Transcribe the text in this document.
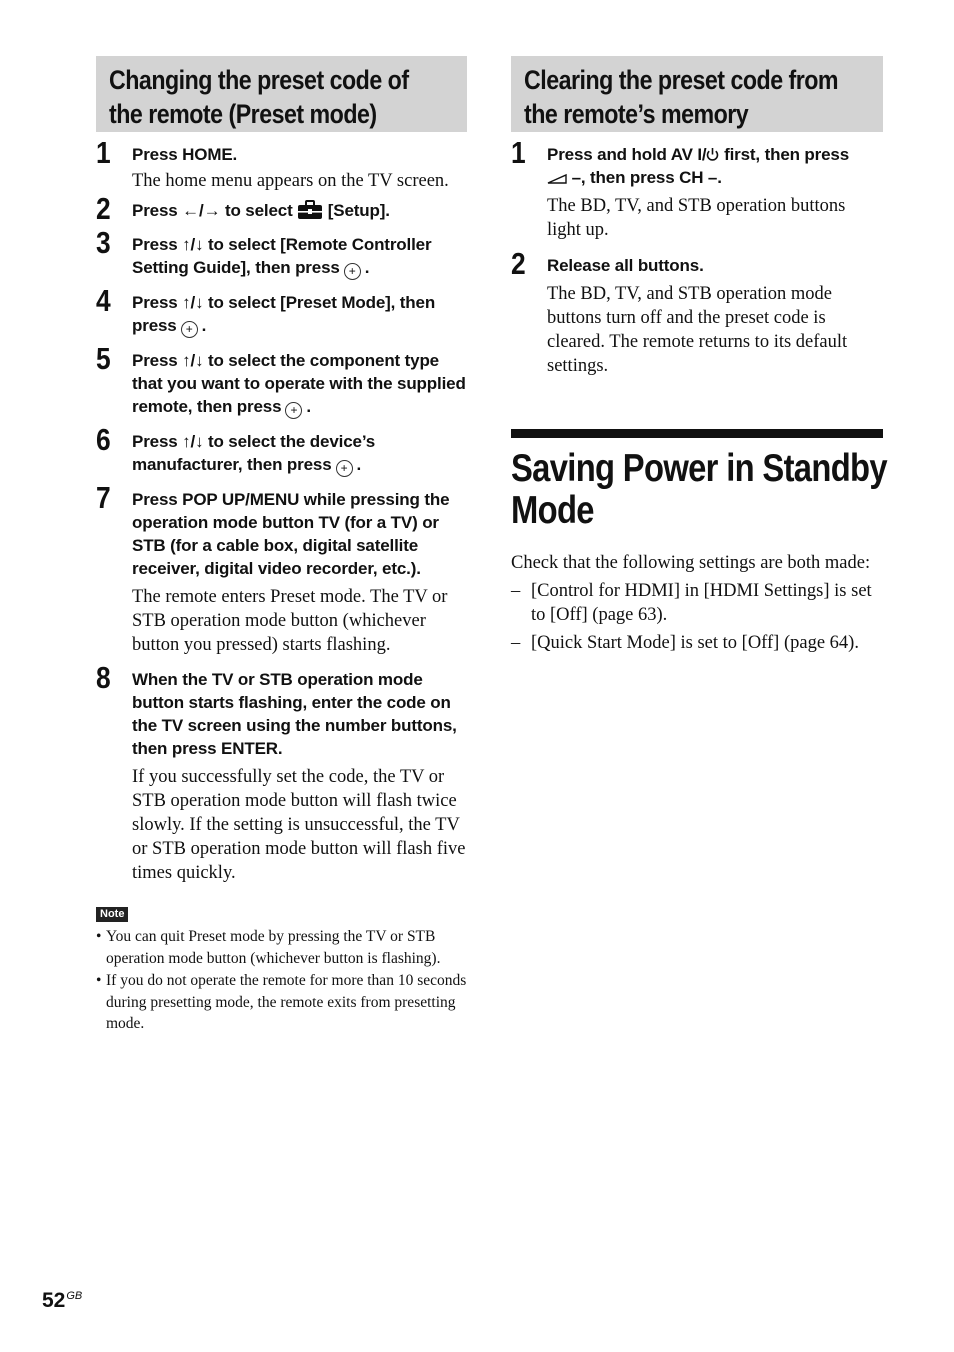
Changing the preset code of
the remote (Preset mode)
1 Press HOME.
The home menu appears on the TV screen.
2 Press ←/→ to select [Setup].
3 Press ↑/↓ to select [Remote Controller Setting Guide], then press + .
4 Press ↑/↓ to select [Preset Mode], then press + .
5 Press ↑/↓ to select the component type that you want to operate with the supplied remote, then press + .
6 Press ↑/↓ to select the device’s manufacturer, then press + .
7 Press POP UP/MENU while pressing the operation mode button TV (for a TV) or STB (for a cable box, digital satellite receiver, digital video recorder, etc.).
The remote enters Preset mode. The TV or STB operation mode button (whichever button you pressed) starts flashing.
8 When the TV or STB operation mode button starts flashing, enter the code on the TV screen using the number buttons, then press ENTER.
If you successfully set the code, the TV or STB operation mode button will flash twice slowly. If the setting is unsuccessful, the TV or STB operation mode button will flash five times quickly.
Note
• You can quit Preset mode by pressing the TV or STB operation mode button (whichever button is flashing).
• If you do not operate the remote for more than 10 seconds during presetting mode, the remote exits from presetting mode.
Clearing the preset code from
the remote’s memory
1 Press and hold AV I/ first, then press
–, then press CH –.
The BD, TV, and STB operation buttons light up.
2 Release all buttons.
The BD, TV, and STB operation mode buttons turn off and the preset code is cleared. The remote returns to its default settings.
Saving Power in Standby
Mode
Check that the following settings are both made:
– [Control for HDMI] in [HDMI Settings] is set to [Off] (page 63).
– [Quick Start Mode] is set to [Off] (page 64).
$52^{GB}$
